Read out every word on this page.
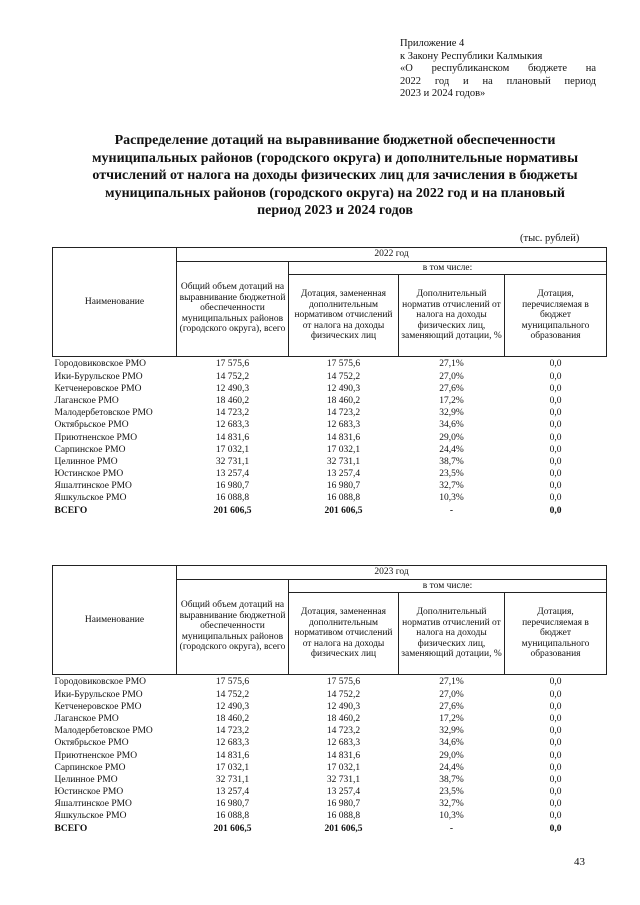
Приложение 4
к Закону Республики Калмыкия
«О республиканском бюджете на
2022 год и на плановый период
2023 и 2024 годов»
Распределение дотаций на выравнивание бюджетной обеспеченности муниципальных районов (городского округа) и дополнительные нормативы отчислений от налога на доходы физических лиц для зачисления в бюджеты муниципальных районов (городского округа) на 2022 год и на плановый период 2023 и 2024 годов
(тыс. рублей)
Наименование	2022 год			
	Общий объем дотаций на выравнивание бюджетной обеспеченности муниципальных районов (городского округа), всего	в том числе:		
		Дотация, замененная дополнительным нормативом отчислений от налога на доходы физических лиц	Дополнительный норматив отчислений от налога на доходы физических лиц, заменяющий дотации, %	Дотация, перечисляемая в бюджет муниципального образования
Городовиковское РМО	17 575,6	17 575,6	27,1%	0,0
Ики-Бурульское РМО	14 752,2	14 752,2	27,0%	0,0
Кетченеровское РМО	12 490,3	12 490,3	27,6%	0,0
Лаганское РМО	18 460,2	18 460,2	17,2%	0,0
Малодербетовское РМО	14 723,2	14 723,2	32,9%	0,0
Октябрьское РМО	12 683,3	12 683,3	34,6%	0,0
Приютненское РМО	14 831,6	14 831,6	29,0%	0,0
Сарпинское РМО	17 032,1	17 032,1	24,4%	0,0
Целинное РМО	32 731,1	32 731,1	38,7%	0,0
Юстинское РМО	13 257,4	13 257,4	23,5%	0,0
Яшалтинское РМО	16 980,7	16 980,7	32,7%	0,0
Яшкульское РМО	16 088,8	16 088,8	10,3%	0,0
ВСЕГО	201 606,5	201 606,5	-	0,0
Наименование	2023 год			
	Общий объем дотаций на выравнивание бюджетной обеспеченности муниципальных районов (городского округа), всего	в том числе:		
		Дотация, замененная дополнительным нормативом отчислений от налога на доходы физических лиц	Дополнительный норматив отчислений от налога на доходы физических лиц, заменяющий дотации, %	Дотация, перечисляемая в бюджет муниципального образования
Городовиковское РМО	17 575,6	17 575,6	27,1%	0,0
Ики-Бурульское РМО	14 752,2	14 752,2	27,0%	0,0
Кетченеровское РМО	12 490,3	12 490,3	27,6%	0,0
Лаганское РМО	18 460,2	18 460,2	17,2%	0,0
Малодербетовское РМО	14 723,2	14 723,2	32,9%	0,0
Октябрьское РМО	12 683,3	12 683,3	34,6%	0,0
Приютненское РМО	14 831,6	14 831,6	29,0%	0,0
Сарпинское РМО	17 032,1	17 032,1	24,4%	0,0
Целинное РМО	32 731,1	32 731,1	38,7%	0,0
Юстинское РМО	13 257,4	13 257,4	23,5%	0,0
Яшалтинское РМО	16 980,7	16 980,7	32,7%	0,0
Яшкульское РМО	16 088,8	16 088,8	10,3%	0,0
ВСЕГО	201 606,5	201 606,5	-	0,0
43
